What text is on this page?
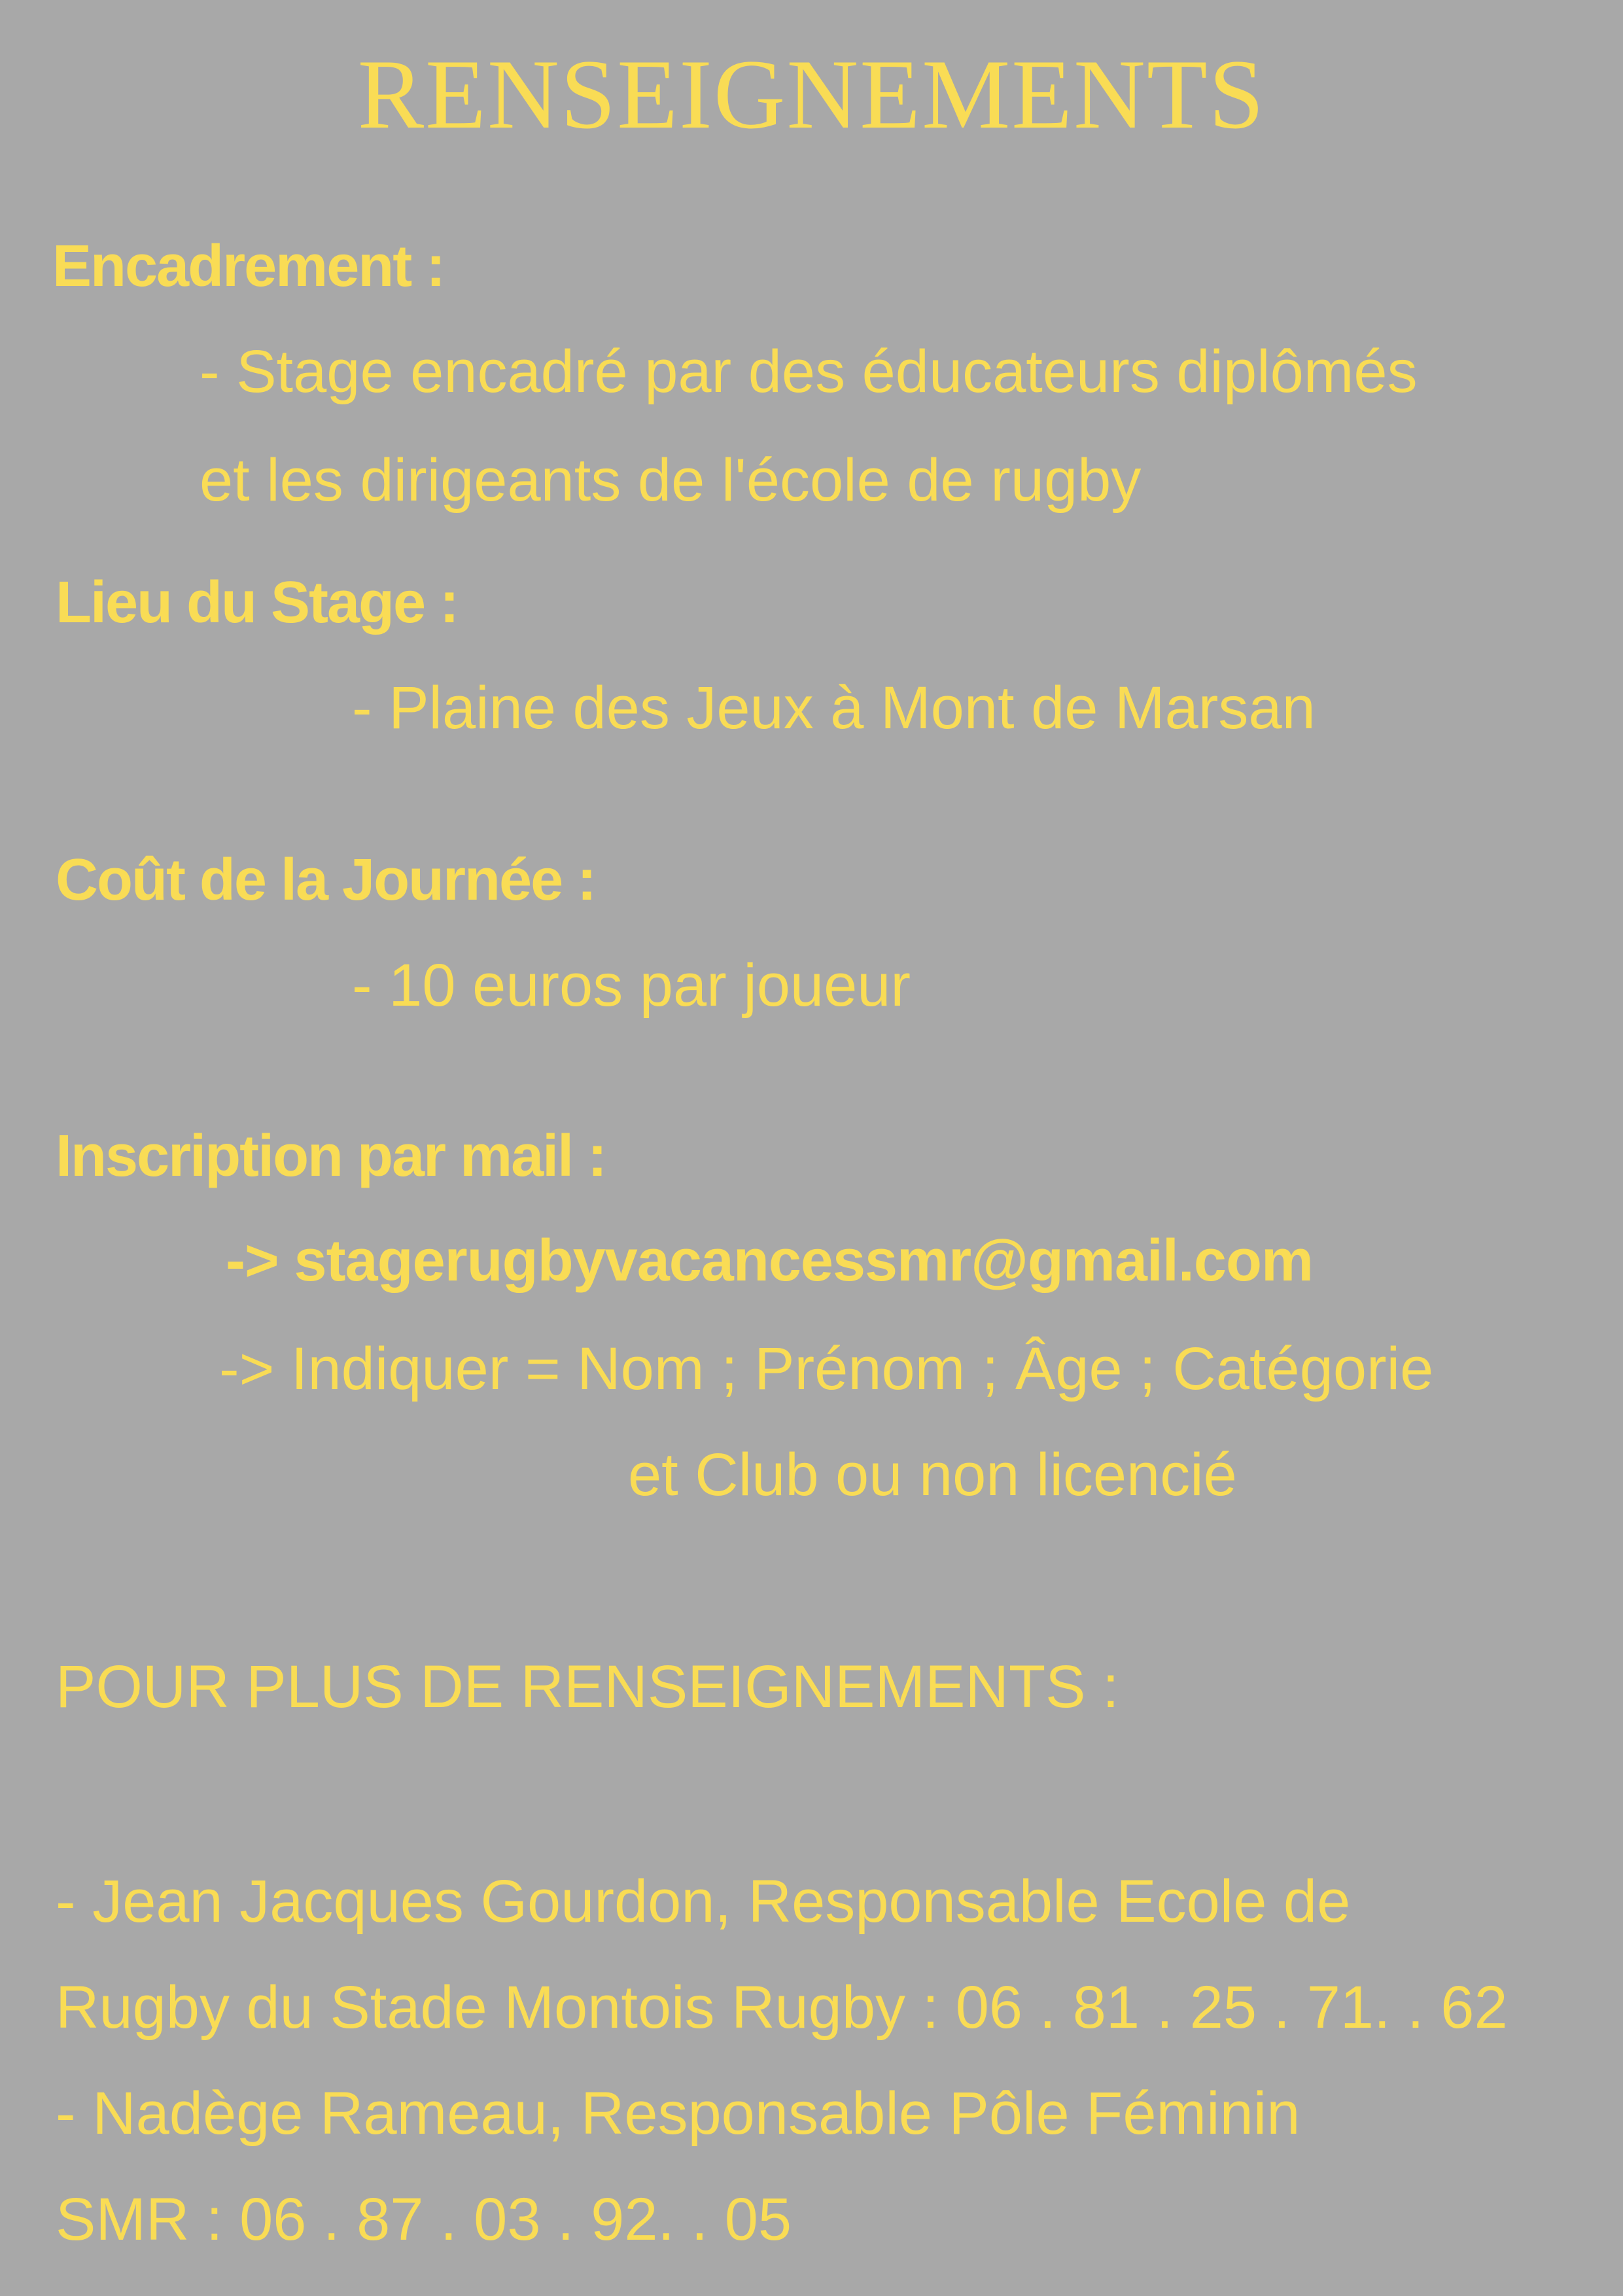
RENSEIGNEMENTS
Encadrement :
- Stage encadré par des éducateurs diplômés
et les dirigeants de l'école de rugby
Lieu du Stage :
- Plaine des Jeux à Mont de Marsan
Coût de la Journée :
- 10 euros par joueur
Inscription par mail :
-> stagerugbyvacancessmr@gmail.com
-> Indiquer = Nom ; Prénom ; Âge ; Catégorie
et Club ou non licencié
POUR PLUS DE RENSEIGNEMENTS :
- Jean Jacques Gourdon, Responsable Ecole de
Rugby du Stade Montois Rugby : 06 . 81 . 25 . 71. . 62
- Nadège Rameau, Responsable Pôle Féminin
SMR : 06 . 87 . 03 . 92. . 05
